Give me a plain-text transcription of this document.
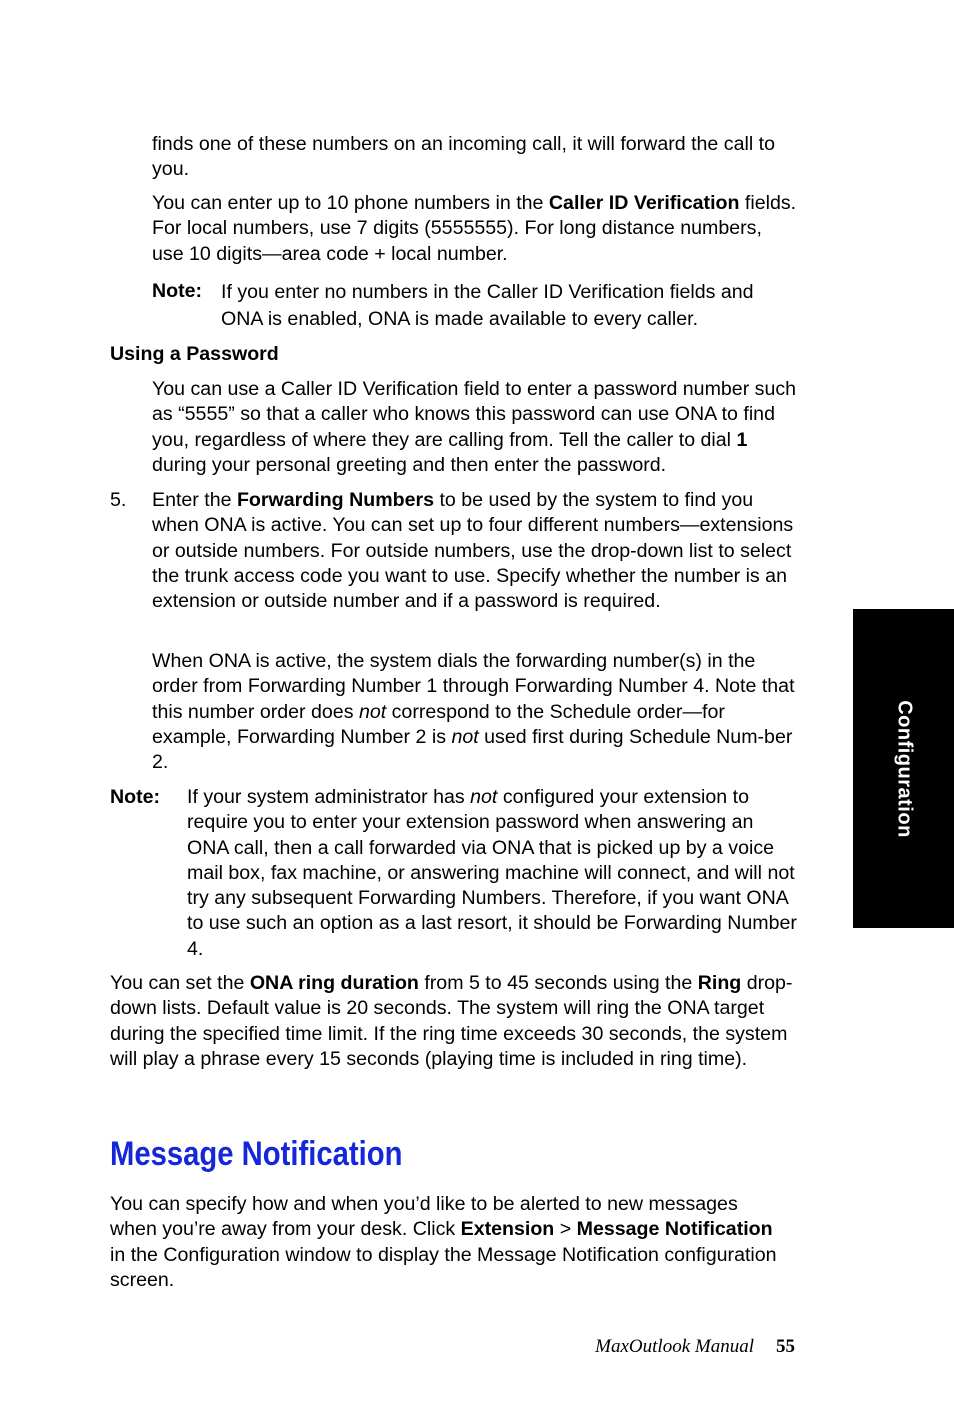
finds one of these numbers on an incoming call, it will forward the call to you.

You can enter up to 10 phone numbers in the Caller ID Verification fields. For local numbers, use 7 digits (5555555). For long distance numbers, use 10 digits—area code + local number.

Note: If you enter no numbers in the Caller ID Verification fields and ONA is enabled, ONA is made available to every caller.

Using a Password

You can use a Caller ID Verification field to enter a password number such as “5555” so that a caller who knows this password can use ONA to find you, regardless of where they are calling from. Tell the caller to dial 1 during your personal greeting and then enter the password.

5. Enter the Forwarding Numbers to be used by the system to find you when ONA is active. You can set up to four different numbers—extensions or outside numbers. For outside numbers, use the drop-down list to select the trunk access code you want to use. Specify whether the number is an extension or outside number and if a password is required.

When ONA is active, the system dials the forwarding number(s) in the order from Forwarding Number 1 through Forwarding Number 4. Note that this number order does not correspond to the Schedule order—for example, Forwarding Number 2 is not used first during Schedule Num-ber 2.

Note: If your system administrator has not configured your extension to require you to enter your extension password when answering an ONA call, then a call forwarded via ONA that is picked up by a voice mail box, fax machine, or answering machine will connect, and will not try any subsequent Forwarding Numbers. Therefore, if you want ONA to use such an option as a last resort, it should be Forwarding Number 4.

You can set the ONA ring duration from 5 to 45 seconds using the Ring drop-down lists. Default value is 20 seconds. The system will ring the ONA target during the specified time limit. If the ring time exceeds 30 seconds, the system will play a phrase every 15 seconds (playing time is included in ring time).

Message Notification

You can specify how and when you’d like to be alerted to new messages when you’re away from your desk. Click Extension > Message Notification in the Configuration window to display the Message Notification configuration screen.

Configuration
MaxOutlook Manual 55
